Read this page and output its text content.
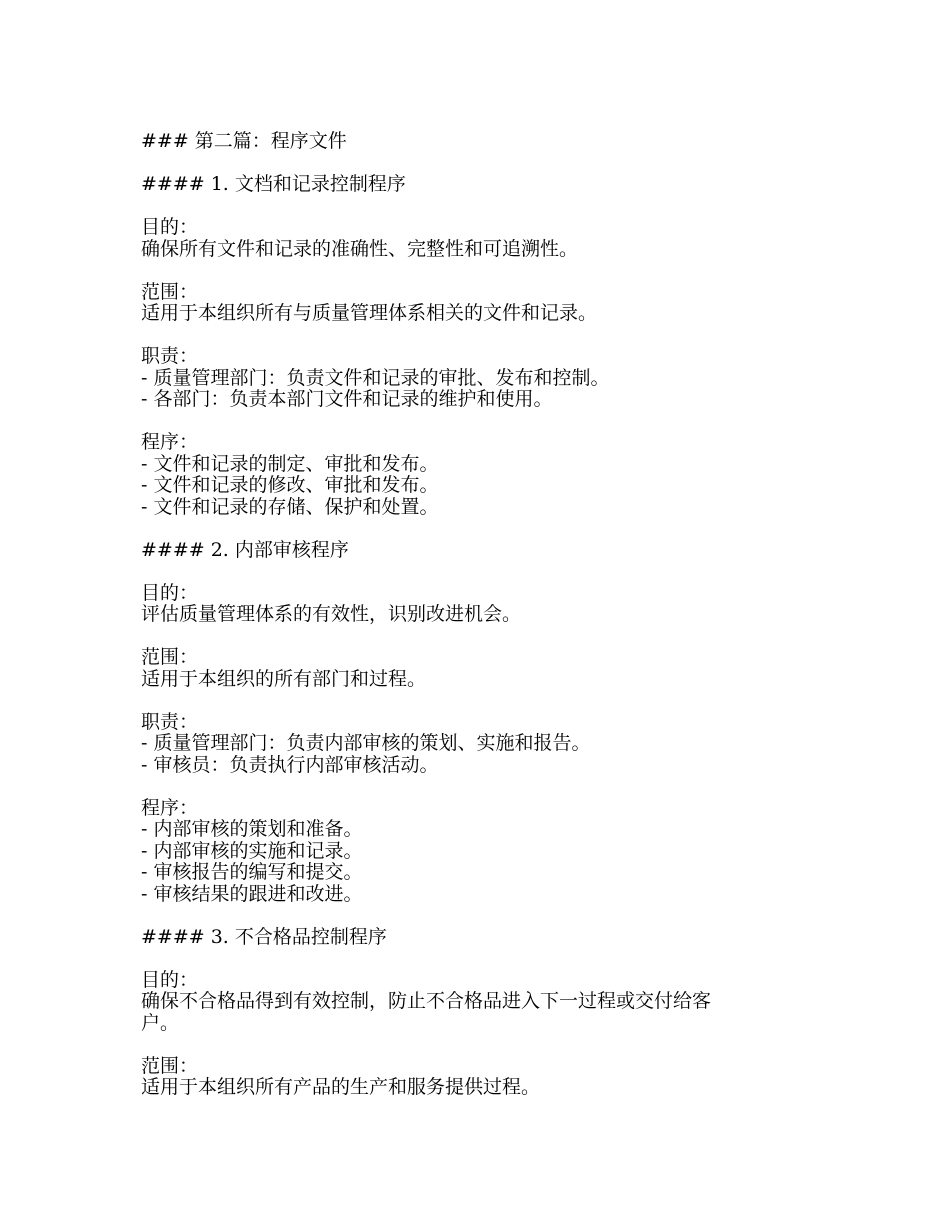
### 第二篇：程序文件

#### 1. 文档和记录控制程序

目的：

确保所有文件和记录的准确性、完整性和可追溯性。

范围：

适用于本组织所有与质量管理体系相关的文件和记录。

职责：

- 质量管理部门：负责文件和记录的审批、发布和控制。

- 各部门：负责本部门文件和记录的维护和使用。

程序：

- 文件和记录的制定、审批和发布。

- 文件和记录的修改、审批和发布。

- 文件和记录的存储、保护和处置。

#### 2. 内部审核程序

目的：

评估质量管理体系的有效性，识别改进机会。

范围：

适用于本组织的所有部门和过程。

职责：

- 质量管理部门：负责内部审核的策划、实施和报告。

- 审核员：负责执行内部审核活动。

程序：

- 内部审核的策划和准备。

- 内部审核的实施和记录。

- 审核报告的编写和提交。

- 审核结果的跟进和改进。

#### 3. 不合格品控制程序

目的：

确保不合格品得到有效控制，防止不合格品进入下一过程或交付给客

户。

范围：

适用于本组织所有产品的生产和服务提供过程。
